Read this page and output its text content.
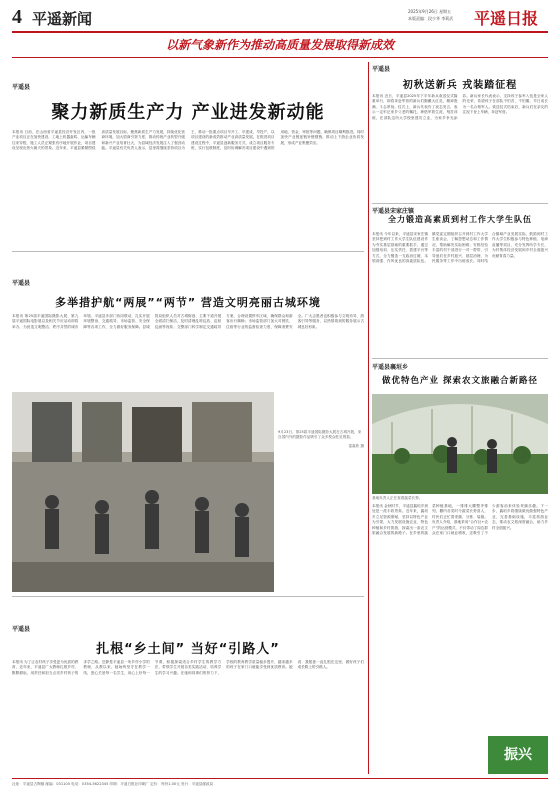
4 平遥新闻	2025年9月26日 星期五
本版责编：段少华 李莉武 平遥日报
以新气象新作为推动高质量发展取得新成效
平遥县
聚力新质生产力 产业进发新动能
本报讯 日前，在山西省平遥县经济开发区内，一批产业项目正在加快建设，工地上机器轰鸣、运输车辆往来穿梭，施工人员正紧张有序地开展作业，项目建设呈现出热火朝天的景象。近年来，平遥县紧紧围绕高质量发展目标，聚焦新质生产力发展，持续优化营商环境，加大招商引资力度，推动传统产业转型升级和新兴产业培育壮大，为县域经济发展注入了强劲动能。平遥县有关负责人表示，县里将继续坚持项目为王，推动一批重点项目早开工、早建成、早投产，以项目建设的新成效推动产业高质量发展。在推进项目建设过程中，平遥县创新服务方式，成立项目服务专班，实行包联制度，及时协调解决项目建设中遇到的用地、资金、审批等问题，确保项目顺利推进。同时加快产业链延链补链强链，推动上下游企业协同发展，形成产业集聚效应。
平遥县
多举措护航“两展”“两节” 营造文明亮丽古城环境
本报讯 第25届平遥国际摄影大展、第九届平遥国际电影展以及相关节庆活动即将举办，为营造文明整洁、秩序井然的城市环境，平遥县多部门协同联动，扎实开展环境整治、交通疏导、市场监管、安全保障等各项工作，全力做好服务保障。县城管局组织人员对古城街巷、主要干道开展全面清扫保洁，及时清理乱堆乱放、乱贴乱画等现象；交警部门科学制定交通疏导方案，合理设置停车区域，确保群众和游客出行顺畅；市场监管部门加大对餐饮、住宿等行业的监督检查力度，保障消费安全。广大志愿者也积极参与文明劝导、游客引导等服务，以热情周到的服务展示古城良好形象。
9月23日，第25届平遥国际摄影大展在古城开展，来自国内外的摄影作品吸引了众多观众驻足观看。
雷嘉欣 摄
平遥县
扎根“乡土间” 当好“引路人”
本报讯 为了让农村孩子享受更为优质的教育，近年来，平遥县广大教师扎根乡村、默默耕耘，用责任和担当点亮乡村孩子的求学之路。岳静是平遥县一所乡村小学的教师，从教以来，她始终坚守在教学一线，悉心关爱每一名学生，用心上好每一节课，积极探索适合乡村学生的教学方法，带领学生开展各类实践活动，培养学生的学习兴趣。在她和同事们的努力下，学校的教育教学质量稳步提升，越来越多的孩子在家门口就能享受到优质教育。她说：我愿意一直扎根在这里，做好孩子们成长路上的引路人。
平遥县
初秋送新兵 戎装踏征程
本报讯 近日，平遥县2025年下半年新兵欢送仪式隆重举行，即将奔赴军营的新兵们胸戴大红花，精神饱满、斗志昂扬。仪式上，新兵代表作了表态发言，表示一定牢记家乡父老的嘱托，珍惜军旅生涯，刻苦训练，在部队这所大学校里建功立业，为家乡争光添彩。新兵家长代表表示，支持孩子参军入伍是全家人的光荣，希望孩子在部队不怕苦、不怕累，早日成长为一名合格军人。欢送仪式结束后，新兵们在亲友的注视下登上车辆，奔赴军营。
平遥县宋家庄镇
全力锻造高素质到村工作大学生队伍
本报讯 今年以来，平遥县宋家庄镇坚持把到村工作大学生队伍建设作为夯实基层基础的重要抓手，通过加强培训、压实责任、搭建平台等方式，全力锻造一支政治过硬、本领高强、作风优良的高素质队伍。镇党委定期组织召开到村工作大学生座谈会，了解思想动态和工作情况，帮助解决实际困难；安排经验丰富的村干部进行一对一帮带，引导他们在乡村振兴、基层治理、为民服务等工作中历练成长。同时结合镇域产业发展实际，鼓励到村工作大学生积极参与特色种植、电商直播等项目，充分发挥所学专长，为村集体经济发展和乡村全面振兴贡献青春力量。
平遥县襄垣乡
做优特色产业 探索农文旅融合新路径
基地负责人正在查看蔬菜长势。
本报讯 金秋时节，平遥县襄垣乡到处是一派丰收景象。近年来，襄垣乡立足资源禀赋，坚持以特色产业为引领，大力发展设施农业、特色种植和乡村旅游，探索出一条农文旅融合发展的新路子。在乡里的蔬菜种植基地，一排排大棚整齐排列，棚内各类时令蔬菜长势喜人，村民们正忙着采摘、分拣、装箱。负责人介绍，基地采用“合作社+农户”的运营模式，不仅带动了周边群众在家门口就业增收，还吸引了不少游客前来体验采摘乐趣。下一步，襄垣乡将继续做优做强特色产业，完善基础设施，丰富旅游业态，推动农文旅深度融合，助力乡村全面振兴。
振兴
社址：平遥县古陶镇 邮编：031100 电话：0354-5622345 印刷：平遥日报社印刷厂 定价：每份1.00元 发行：平遥县邮政局
